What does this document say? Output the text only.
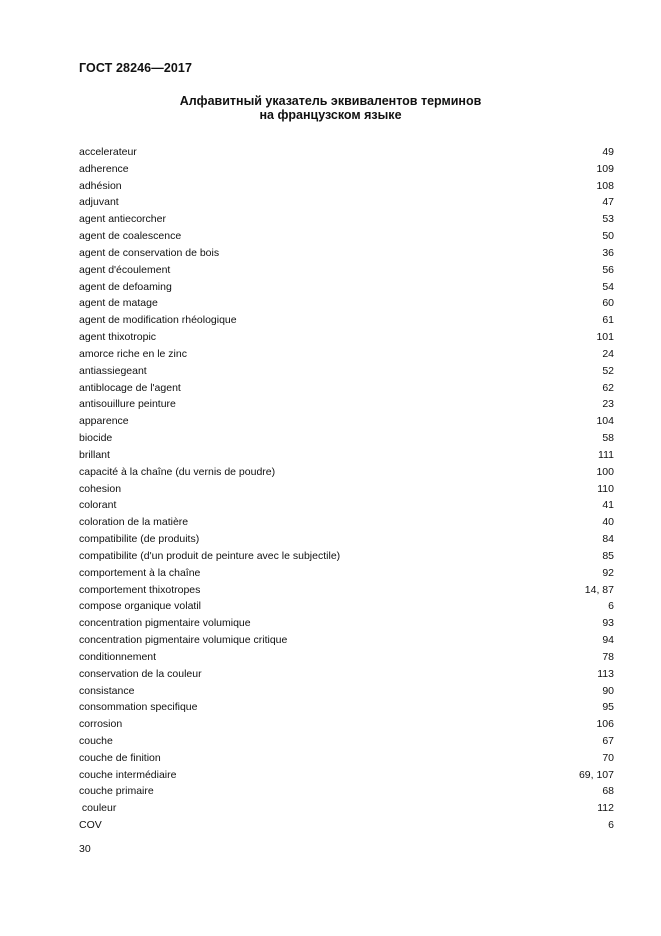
ГОСТ 28246—2017
Алфавитный указатель эквивалентов терминов
на французском языке
accelerateur	49
adherence	109
adhésion	108
adjuvant	47
agent antiecorcher	53
agent de coalescence	50
agent de conservation de bois	36
agent d'écoulement	56
agent de defoaming	54
agent de matage	60
agent de modification rhéologique	61
agent thixotropic	101
amorce riche en le zinc	24
antiassiegeant	52
antiblocage de l'agent	62
antisouillure peinture	23
apparence	104
biocide	58
brillant	111
capacité à la chaîne (du vernis de poudre)	100
cohesion	110
colorant	41
coloration de la matière	40
compatibilite (de produits)	84
compatibilite (d'un produit de peinture avec le subjectile)	85
comportement à la chaîne	92
comportement thixotropes	14, 87
compose organique volatil	6
concentration pigmentaire volumique	93
concentration pigmentaire volumique critique	94
conditionnement	78
conservation de la couleur	113
consistance	90
consommation specifique	95
corrosion	106
couche	67
couche de finition	70
couche intermédiaire	69, 107
couche primaire	68
couleur	112
COV	6
30
